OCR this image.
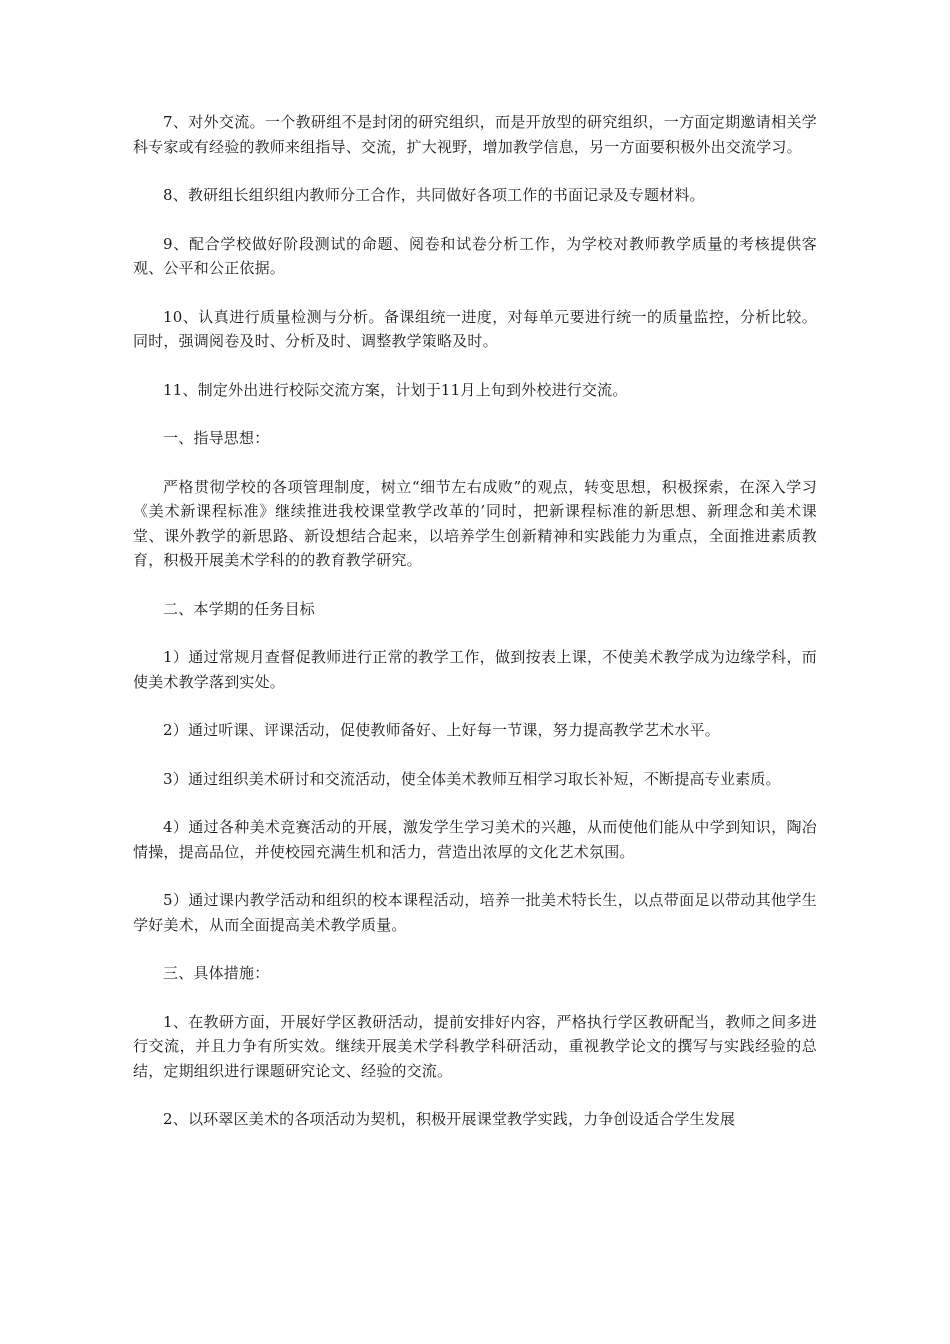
7、对外交流。一个教研组不是封闭的研究组织，而是开放型的研究组织，一方面定期邀请相关学科专家或有经验的教师来组指导、交流，扩大视野，增加教学信息，另一方面要积极外出交流学习。

8、教研组长组织组内教师分工合作，共同做好各项工作的书面记录及专题材料。

9、配合学校做好阶段测试的命题、阅卷和试卷分析工作，为学校对教师教学质量的考核提供客观、公平和公正依据。

10、认真进行质量检测与分析。备课组统一进度，对每单元要进行统一的质量监控，分析比较。同时，强调阅卷及时、分析及时、调整教学策略及时。

11、制定外出进行校际交流方案，计划于11月上旬到外校进行交流。

一、指导思想：

严格贯彻学校的各项管理制度，树立“细节左右成败”的观点，转变思想，积极探索，在深入学习《美术新课程标准》继续推进我校课堂教学改革的’同时，把新课程标准的新思想、新理念和美术课堂、课外教学的新思路、新设想结合起来，以培养学生创新精神和实践能力为重点，全面推进素质教育，积极开展美术学科的的教育教学研究。

二、本学期的任务目标

1）通过常规月查督促教师进行正常的教学工作，做到按表上课，不使美术教学成为边缘学科，而使美术教学落到实处。

2）通过听课、评课活动，促使教师备好、上好每一节课，努力提高教学艺术水平。

3）通过组织美术研讨和交流活动，使全体美术教师互相学习取长补短，不断提高专业素质。

4）通过各种美术竞赛活动的开展，激发学生学习美术的兴趣，从而使他们能从中学到知识，陶冶情操，提高品位，并使校园充满生机和活力，营造出浓厚的文化艺术氛围。

5）通过课内教学活动和组织的校本课程活动，培养一批美术特长生，以点带面足以带动其他学生学好美术，从而全面提高美术教学质量。

三、具体措施：

1、在教研方面，开展好学区教研活动，提前安排好内容，严格执行学区教研配当，教师之间多进行交流，并且力争有所实效。继续开展美术学科教学科研活动，重视教学论文的撰写与实践经验的总结，定期组织进行课题研究论文、经验的交流。

2、以环翠区美术的各项活动为契机，积极开展课堂教学实践，力争创设适合学生发展
